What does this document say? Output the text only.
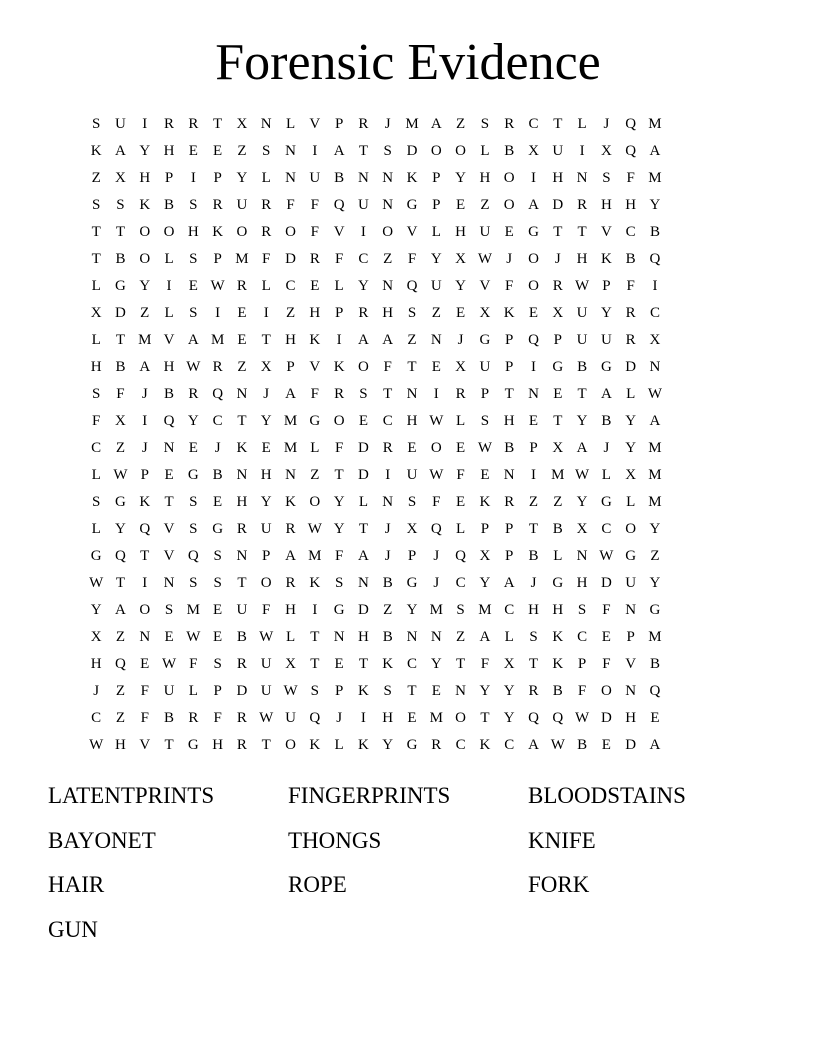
Forensic Evidence
S U	I	R R T X N L V P	R	J M A Z	S	R C T	L	J	Q M
K A Y H E	E	Z	S N	I	A T	S D O O L B X U	I	X Q A
Z X H P	I	P Y L N U B N N K P Y H O	I	H N S	F M
S	S K B	S	R U R	F	F Q U N G P	E	Z O A D R H H Y
T	T O O H K O R O F V	I	O V L H U E G T	T V C B
T B O L	S	P M F D R	F	C Z	F Y X W J	O	J	H K B Q
L G Y	I	E W R L C E	L Y N Q U Y V F O R W P	F	I
X D Z	L	S	I	E	I	Z H P	R H S	Z	E X K E X U Y R C
L	T M V A M E	T H K	I	A A Z N	J	G P Q P U U R X
H B A H W R Z X P V K O F	T	E X U P	I	G B G D N
S	F	J	B R Q N	J	A F	R	S	T N	I	R	P	T N E	T A L W
F X	I	Q Y C T Y M G O E C H W L	S H E	T Y B Y A
C Z	J	N E	J	K E M L	F D R E O E W B	P X A	J	Y M
L W P	E G B N H N Z	T D	I	U W F	E N	I	M W L X M
S G K T	S	E H Y K O Y L N S	F	E K R Z	Z Y G L M
L Y Q V S G R U R W Y T	J	X Q L	P	P	T B X C O Y
G Q T V Q S N P A M F A	J	P	J	Q X P	B L N W G Z
W T	I	N S	S	T O R K S N B G	J	C Y A	J	G H D U Y
Y A O S M E U F H	I	G D Z Y M S M C H H S	F N G
X Z N E W E B W L	T N H B N N Z A L	S K C E	P M
H Q E W F	S	R U X T	E	T K C Y T	F X T K P	F V B
J	Z	F U L	P D U W S	P K S	T	E N Y Y R B	F O N Q
C Z	F	B R	F	R W U Q	J	I	H E M O T Y Q Q W D H E
W H V T G H R T O K L K Y G R C K C A W B E D A
LATENTPRINTS	FINGERPRINTS	BLOODSTAINS
BAYONET	THONGS	KNIFE
HAIR	ROPE	FORK
GUN
